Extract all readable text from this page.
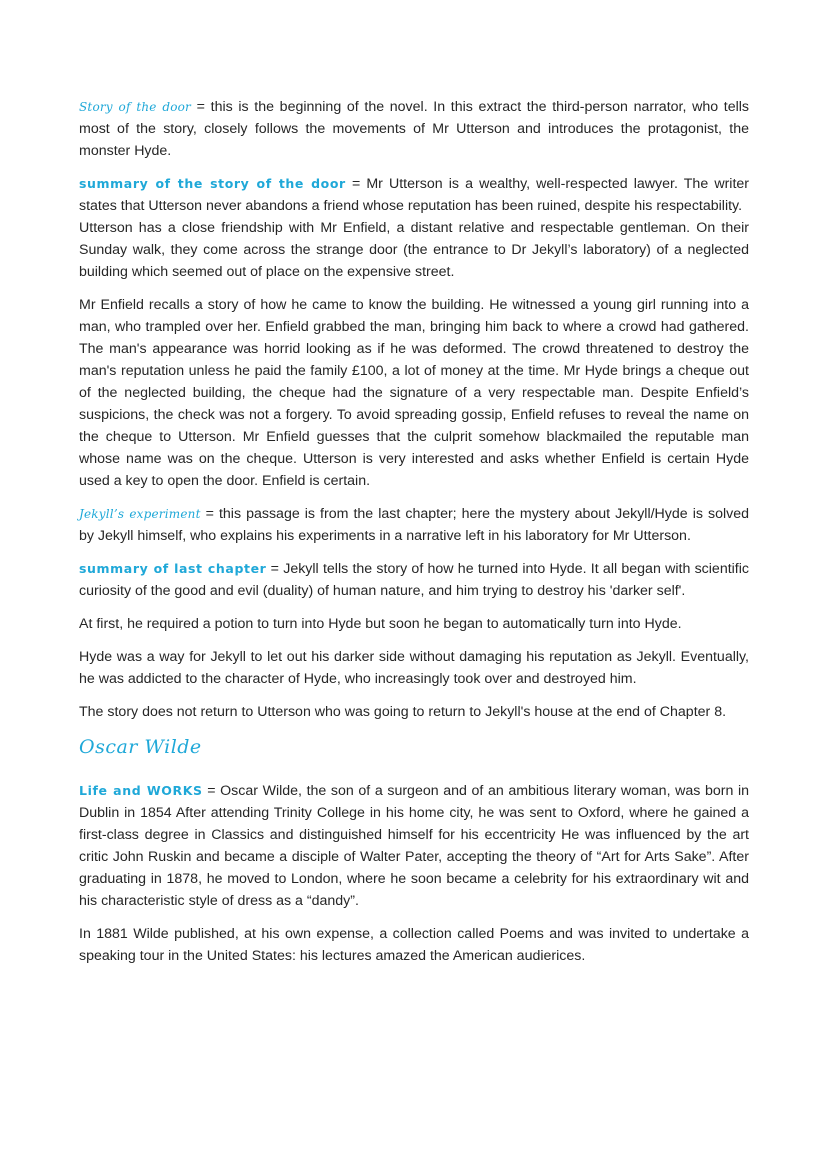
Story of the door = this is the beginning of the novel. In this extract the third-person narrator, who tells most of the story, closely follows the movements of Mr Utterson and introduces the protagonist, the monster Hyde.

summary of the story of the door = Mr Utterson is a wealthy, well-respected lawyer. The writer states that Utterson never abandons a friend whose reputation has been ruined, despite his respectability.

Utterson has a close friendship with Mr Enfield, a distant relative and respectable gentleman. On their Sunday walk, they come across the strange door (the entrance to Dr Jekyll’s laboratory) of a neglected building which seemed out of place on the expensive street.

Mr Enfield recalls a story of how he came to know the building. He witnessed a young girl running into a man, who trampled over her. Enfield grabbed the man, bringing him back to where a crowd had gathered. The man's appearance was horrid looking as if he was deformed. The crowd threatened to destroy the man's reputation unless he paid the family £100, a lot of money at the time. Mr Hyde brings a cheque out of the neglected building, the cheque had the signature of a very respectable man. Despite Enfield’s suspicions, the check was not a forgery. To avoid spreading gossip, Enfield refuses to reveal the name on the cheque to Utterson. Mr Enfield guesses that the culprit somehow blackmailed the reputable man whose name was on the cheque. Utterson is very interested and asks whether Enfield is certain Hyde used a key to open the door. Enfield is certain.

Jekyll’s experiment = this passage is from the last chapter; here the mystery about Jekyll/Hyde is solved by Jekyll himself, who explains his experiments in a narrative left in his laboratory for Mr Utterson.

summary of last chapter = Jekyll tells the story of how he turned into Hyde. It all began with scientific curiosity of the good and evil (duality) of human nature, and him trying to destroy his 'darker self'.

At first, he required a potion to turn into Hyde but soon he began to automatically turn into Hyde.

Hyde was a way for Jekyll to let out his darker side without damaging his reputation as Jekyll. Eventually, he was addicted to the character of Hyde, who increasingly took over and destroyed him.

The story does not return to Utterson who was going to return to Jekyll's house at the end of Chapter 8.

Oscar Wilde

Life and WORKS = Oscar Wilde, the son of a surgeon and of an ambitious literary woman, was born in Dublin in 1854 After attending Trinity College in his home city, he was sent to Oxford, where he gained a first-class degree in Classics and distinguished himself for his eccentricity He was influenced by the art critic John Ruskin and became a disciple of Walter Pater, accepting the theory of “Art for Arts Sake”. After graduating in 1878, he moved to London, where he soon became a celebrity for his extraordinary wit and his characteristic style of dress as a “dandy”.

In 1881 Wilde published, at his own expense, a collection called Poems and was invited to undertake a speaking tour in the United States: his lectures amazed the American audierices.
